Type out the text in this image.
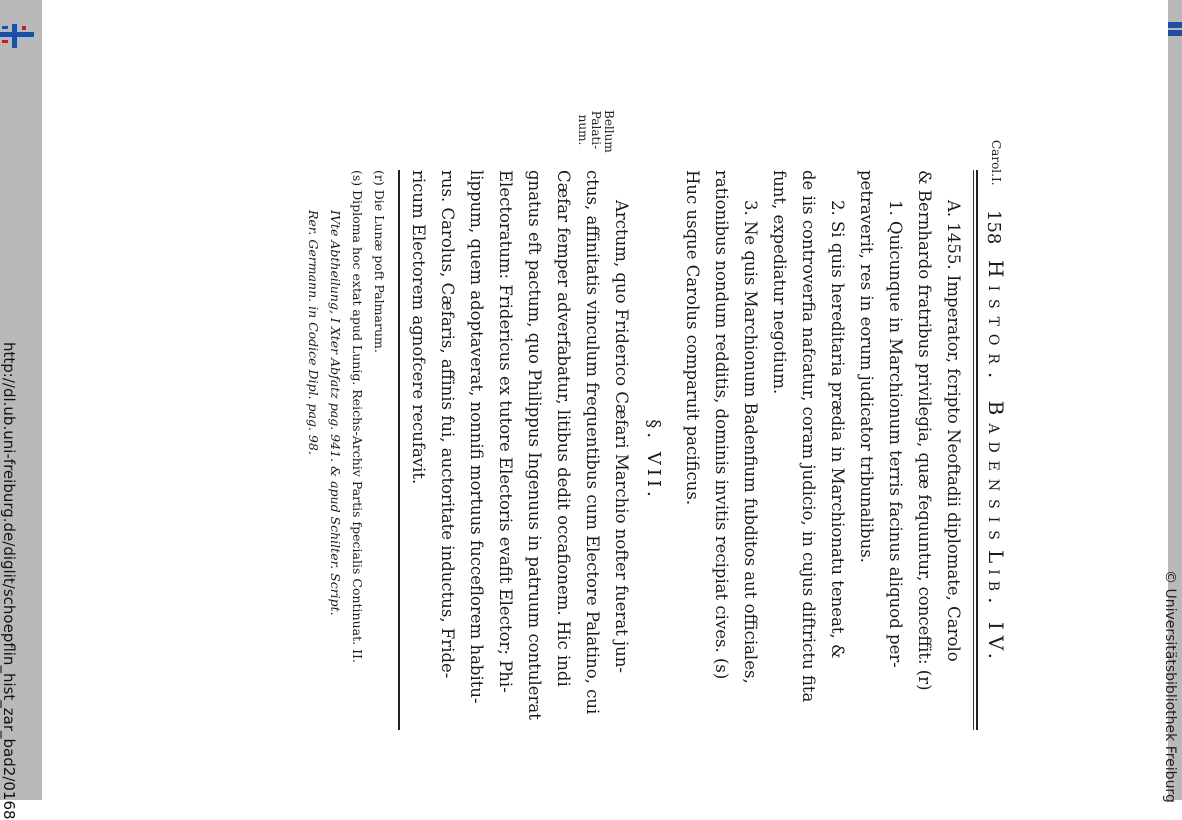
http://dl.ub.uni-freiburg.de/diglit/schoepflin_hist_zar_bad2/0168	© Universitätsbibliothek Freiburg
Carol.I.
158
Histor. Badensis
Lib. IV.
Bellum Palati-num.

A. 1455. Imperator, fcripto Neoftadii diplomate, Carolo

& Bernhardo fratribus privilegia, quæ fequuntur, conceffit: (r)

1. Quicunque in Marchionum terris facinus aliquod per-

petraverit, res in eorum judicator tribunalibus.

2. Si quis hereditaria prædia in Marchionatu teneat, &

de iis controverfia nafcatur, coram judicio, in cujus diftrictu fita

funt, expediatur negotium.

3. Ne quis Marchionum Badenfium fubditos aut officiales,

rationibus nondum redditis, dominis invitis recipiat cives. (s)

Huc usque Carolus comparuit pacificus.

§. VII.

Arctum, quo Friderico Cæfari Marchio nofter fuerat jun-

ctus, affinitatis vinculum frequentibus cum Electore Palatino, cui

Cæfar femper adverfabatur, litibus dedit occafionem. Hic indi

gnatus eft pactum, quo Philippus Ingenuus in patruum contulerat

Electoratum: Fridericus ex tutore Electoris evafit Elector; Phi-

lippum, quem adoptaverat, nonnifi mortuus fucceflorem habitu-

rus. Carolus, Cæfaris, affinis fui, auctoritate inductus, Fride-

ricum Electorem agnofcere recufavit.

(r) Die Lunæ poft Palmarum.

(s) Diploma hoc extat apud Lunig. Reichs-Archiv Partis fpecialis Continuat. II.

IVte Abtheilung, I Xter Abfatz pag. 941. & apud Schilter. Script.

Rer. Germann. in Codice Dipl. pag. 98.
